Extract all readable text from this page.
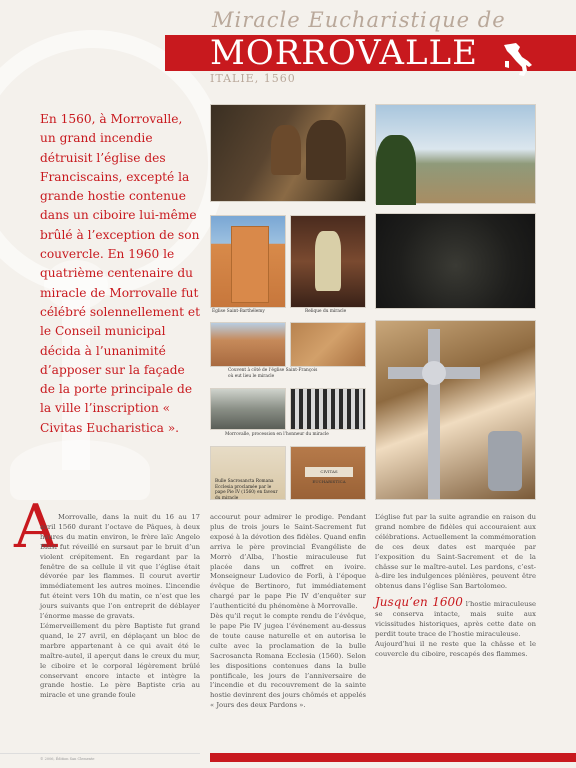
Miracle Eucharistique de
MORROVALLE
ITALIE, 1560
En 1560, à Morrovalle, un grand incendie détruisit l’église des Franciscains, excepté la grande hostie contenue dans un ciboire lui-même brûlé à l’exception de son couvercle. En 1960 le quatrième centenaire du miracle de Morrovalle fut célébré solennellement et le Conseil municipal décida à l’unanimité d’apposer sur la façade de la porte principale de la ville l’inscription « Civitas Eucharistica ».
Église Saint-Barthélemy	Relique du miracle
Couvent à côté de l’église Saint-François où eut lieu le miracle
Morrovalle, procession en l’honneur du miracle
Bulle Sacrosancta Romana Ecclesia proclamée par le pape Pie IV (1560) en faveur du miracle
CIVITAS EUCHARISTICA
A Morrovalle, dans la nuit du 16 au 17 avril 1560 durant l’octave de Pâques, à deux heures du matin environ, le frère laïc Angelo Blasi fut réveillé en sursaut par le bruit d’un violent crépitement. En regardant par la fenêtre de sa cellule il vit que l’église était dévorée par les flammes. Il courut avertir immédiatement les autres moines. L’incendie fut éteint vers 10h du matin, ce n’est que les jours suivants que l’on entreprit de déblayer l’énorme masse de gravats.
L’émerveillement du père Baptiste fut grand quand, le 27 avril, en déplaçant un bloc de marbre appartenant à ce qui avait été le maître-autel, il aperçut dans le creux du mur, le ciboire et le corporal légèrement brûlé conservant encore intacte et intègre la grande hostie. Le père Baptiste cria au miracle et une grande foule
accourut pour admirer le prodige. Pendant plus de trois jours le Saint-Sacrement fut exposé à la dévotion des fidèles. Quand enfin arriva le père provincial Évangéliste de Morrò d’Alba, l’hostie miraculeuse fut placée dans un coffret en ivoire. Monseigneur Ludovico de Forlì, à l’époque évêque de Bertinoro, fut immédiatement chargé par le pape Pie IV d’enquêter sur l’authenticité du phénomène à Morrovalle.
Dès qu’il reçut le compte rendu de l’évêque, le pape Pie IV jugea l’événement au-dessus de toute cause naturelle et en autorisa le culte avec la proclamation de la bulle Sacrosancta Romana Ecclesia (1560). Selon les dispositions contenues dans la bulle pontificale, les jours de l’anniversaire de l’incendie et du recouvrement de la sainte hostie devinrent des jours chômés et appelés « Jours des deux Pardons ».
L’église fut par la suite agrandie en raison du grand nombre de fidèles qui accouraient aux célébrations. Actuellement la commémoration de ces deux dates est marquée par l’exposition du Saint-Sacrement et de la châsse sur le maître-autel. Les pardons, c’est-à-dire les indulgences plénières, peuvent être obtenus dans l’église San Bartolomeo.
Jusqu’en 1600 l’hostie miraculeuse se conserva intacte, mais suite aux vicissitudes historiques, après cette date on perdit toute trace de l’hostie miraculeuse.
Aujourd’hui il ne reste que la châsse et le couvercle du ciboire, rescapés des flammes.
© 2006, Édition San Clemente
